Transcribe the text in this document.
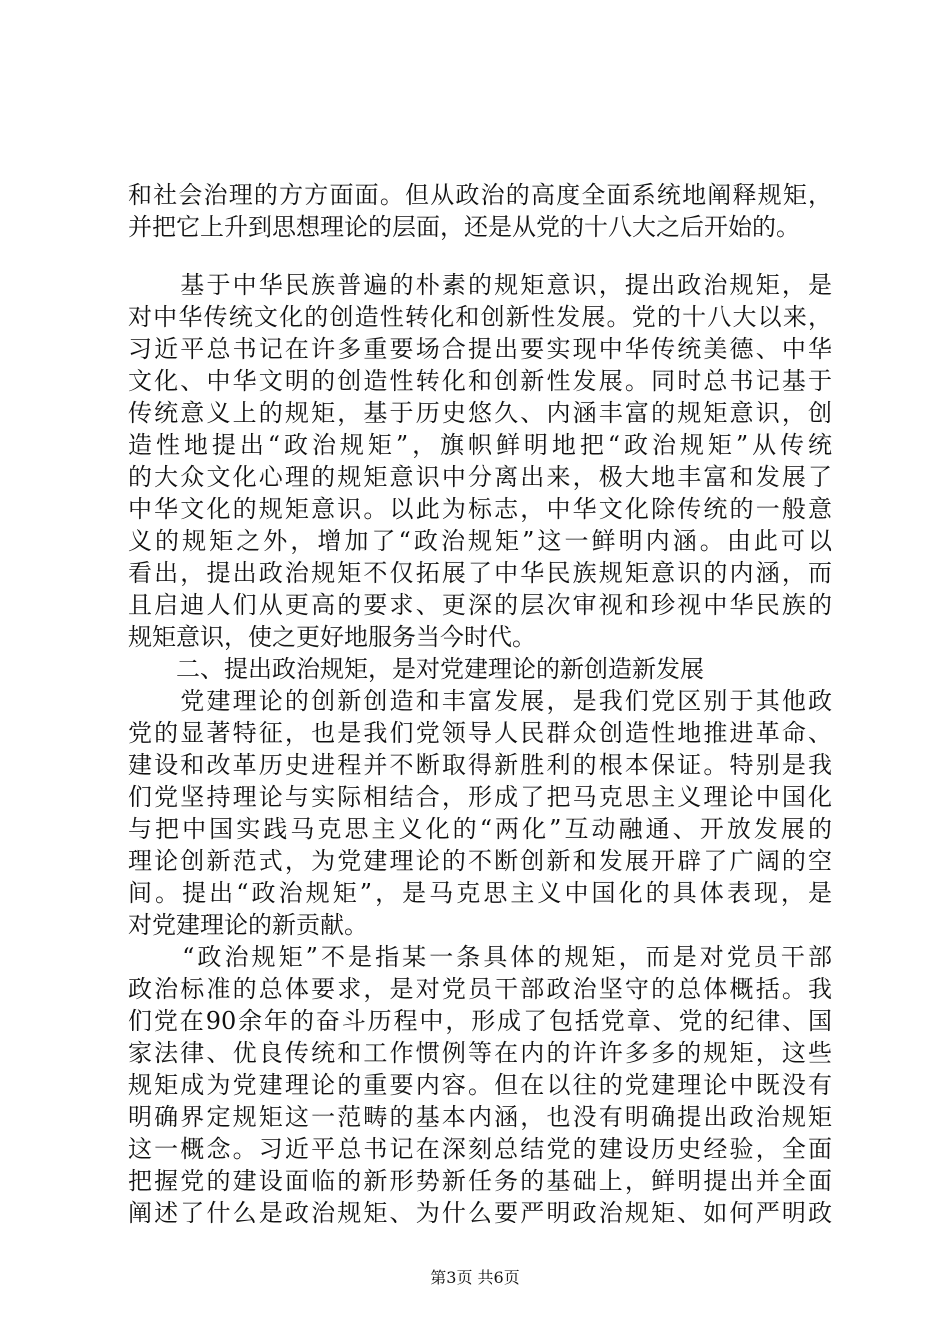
和社会治理的方方面面。但从政治的高度全面系统地阐释规矩，
并把它上升到思想理论的层面，还是从党的十八大之后开始的。
　　基于中华民族普遍的朴素的规矩意识，提出政治规矩，是
对中华传统文化的创造性转化和创新性发展。党的十八大以来，
习近平总书记在许多重要场合提出要实现中华传统美德、中华
文化、中华文明的创造性转化和创新性发展。同时总书记基于
传统意义上的规矩，基于历史悠久、内涵丰富的规矩意识，创
造性地提出“政治规矩”，旗帜鲜明地把“政治规矩”从传统
的大众文化心理的规矩意识中分离出来，极大地丰富和发展了
中华文化的规矩意识。以此为标志，中华文化除传统的一般意
义的规矩之外，增加了“政治规矩”这一鲜明内涵。由此可以
看出，提出政治规矩不仅拓展了中华民族规矩意识的内涵，而
且启迪人们从更高的要求、更深的层次审视和珍视中华民族的
规矩意识，使之更好地服务当今时代。
　　二、提出政治规矩，是对党建理论的新创造新发展
　　党建理论的创新创造和丰富发展，是我们党区别于其他政
党的显著特征，也是我们党领导人民群众创造性地推进革命、
建设和改革历史进程并不断取得新胜利的根本保证。特别是我
们党坚持理论与实际相结合，形成了把马克思主义理论中国化
与把中国实践马克思主义化的“两化”互动融通、开放发展的
理论创新范式，为党建理论的不断创新和发展开辟了广阔的空
间。提出“政治规矩”，是马克思主义中国化的具体表现，是
对党建理论的新贡献。
　　“政治规矩”不是指某一条具体的规矩，而是对党员干部
政治标准的总体要求，是对党员干部政治坚守的总体概括。我
们党在90余年的奋斗历程中，形成了包括党章、党的纪律、国
家法律、优良传统和工作惯例等在内的许许多多的规矩，这些
规矩成为党建理论的重要内容。但在以往的党建理论中既没有
明确界定规矩这一范畴的基本内涵，也没有明确提出政治规矩
这一概念。习近平总书记在深刻总结党的建设历史经验，全面
把握党的建设面临的新形势新任务的基础上，鲜明提出并全面
阐述了什么是政治规矩、为什么要严明政治规矩、如何严明政
第3页 共6页
